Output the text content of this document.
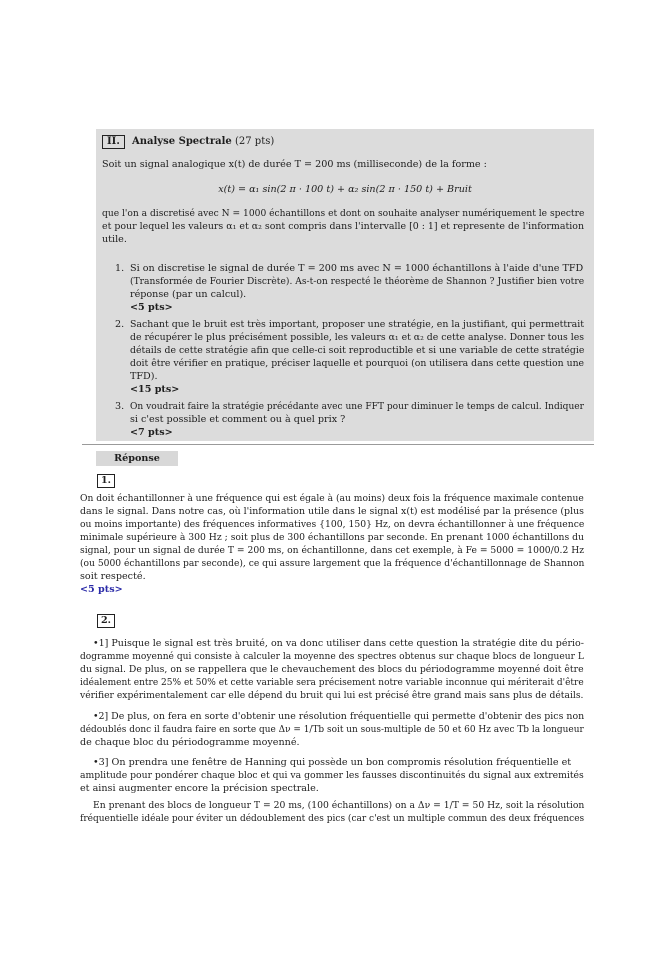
II.	Analyse Spectrale (27 pts)
Soit un signal analogique x(t) de durée T = 200 ms (milliseconde) de la forme :
x(t) = α₁ sin(2 π · 100 t) + α₂ sin(2 π · 150 t) + Bruit
que l'on a discretisé avec N = 1000 échantillons et dont on souhaite analyser numériquement le spectre
et pour lequel les valeurs α₁ et α₂ sont compris dans l'intervalle [0 : 1] et represente de l'information
utile.
1. Si on discretise le signal de durée T = 200 ms avec N = 1000 échantillons à l'aide d'une TFD
(Transformée de Fourier Discrète). As-t-on respecté le théorème de Shannon ? Justifier bien votre
réponse (par un calcul).
<5 pts>
2. Sachant que le bruit est très important, proposer une stratégie, en la justifiant, qui permettrait
de récupérer le plus précisément possible, les valeurs α₁ et α₂ de cette analyse. Donner tous les
détails de cette stratégie afin que celle-ci soit reproductible et si une variable de cette stratégie
doit être vérifier en pratique, préciser laquelle et pourquoi (on utilisera dans cette question une
TFD).
<15 pts>
3. On voudrait faire la stratégie précédante avec une FFT pour diminuer le temps de calcul. Indiquer
si c'est possible et comment ou à quel prix ?
<7 pts>
Réponse
1.
On doit échantillonner à une fréquence qui est égale à (au moins) deux fois la fréquence maximale contenue
dans le signal. Dans notre cas, où l'information utile dans le signal x(t) est modélisé par la présence (plus
ou moins importante) des fréquences informatives {100, 150} Hz, on devra échantillonner à une fréquence
minimale supérieure à 300 Hz ; soit plus de 300 échantillons par seconde. En prenant 1000 échantillons du
signal, pour un signal de durée T = 200 ms, on échantillonne, dans cet exemple, à Fe = 5000 = 1000/0.2 Hz
(ou 5000 échantillons par seconde), ce qui assure largement que la fréquence d'échantillonnage de Shannon
soit respecté.
<5 pts>
2.
•1] Puisque le signal est très bruité, on va donc utiliser dans cette question la stratégie dite du pério-
dogramme moyenné qui consiste à calculer la moyenne des spectres obtenus sur chaque blocs de longueur L
du signal. De plus, on se rappellera que le chevauchement des blocs du périodogramme moyenné doit être
idéalement entre 25% et 50% et cette variable sera précisement notre variable inconnue qui mériterait d'être
vérifier expérimentalement car elle dépend du bruit qui lui est précisé être grand mais sans plus de détails.
•2] De plus, on fera en sorte d'obtenir une résolution fréquentielle qui permette d'obtenir des pics non
dédoublés donc il faudra faire en sorte que Δν = 1/Tb soit un sous-multiple de 50 et 60 Hz avec Tb la longueur
de chaque bloc du périodogramme moyenné.
•3] On prendra une fenêtre de Hanning qui possède un bon compromis résolution fréquentielle et
amplitude pour pondérer chaque bloc et qui va gommer les fausses discontinuités du signal aux extremités
et ainsi augmenter encore la précision spectrale.
En prenant des blocs de longueur T = 20 ms, (100 échantillons) on a Δν = 1/T = 50 Hz, soit la résolution
fréquentielle idéale pour éviter un dédoublement des pics (car c'est un multiple commun des deux fréquences
